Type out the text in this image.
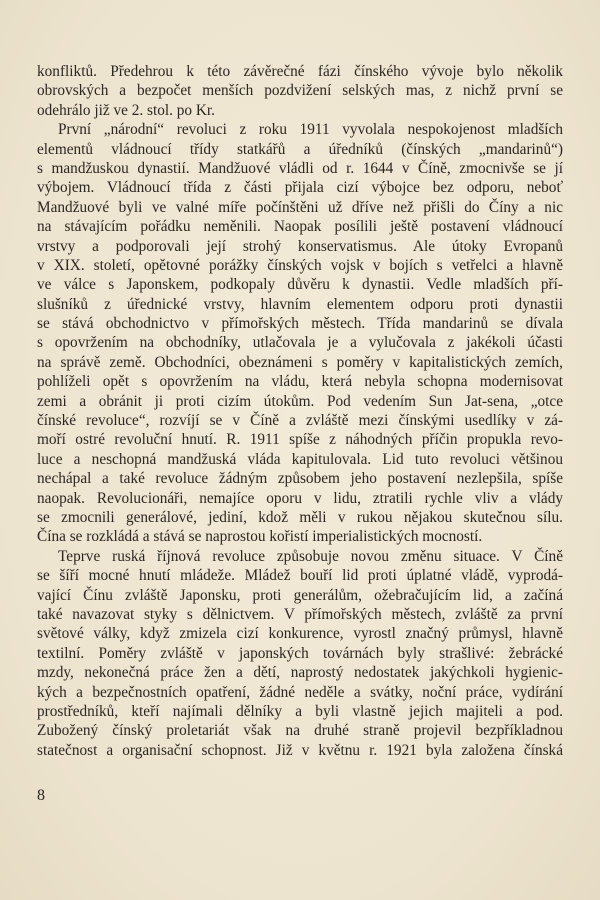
konfliktů. Předehrou k této závěrečné fázi čínského vývoje bylo několik
obrovských a bezpočet menších pozdvižení selských mas, z nichž první se
odehrálo již ve 2. stol. po Kr.
První „národní“ revoluci z roku 1911 vyvolala nespokojenost mladších
elementů vládnoucí třídy statkářů a úředníků (čínských „mandarinů“)
s mandžuskou dynastií. Mandžuové vládli od r. 1644 v Číně, zmocnivše se jí
výbojem. Vládnoucí třída z části přijala cizí výbojce bez odporu, neboť
Mandžuové byli ve valné míře počínštěni už dříve než přišli do Číny a nic
na stávajícím pořádku neměnili. Naopak posílili ještě postavení vládnoucí
vrstvy a podporovali její strohý konservatismus. Ale útoky Evropanů
v XIX. století, opětovné porážky čínských vojsk v bojích s vetřelci a hlavně
ve válce s Japonskem, podkopaly důvěru k dynastii. Vedle mladších pří-
slušníků z úřednické vrstvy, hlavním elementem odporu proti dynastii
se stává obchodnictvo v přímořských městech. Třída mandarinů se dívala
s opovržením na obchodníky, utlačovala je a vylučovala z jakékoli účasti
na správě země. Obchodníci, obeznámeni s poměry v kapitalistických zemích,
pohlíželi opět s opovržením na vládu, která nebyla schopna modernisovat
zemi a obránit ji proti cizím útokům. Pod vedením Sun Jat-sena, „otce
čínské revoluce“, rozvíjí se v Číně a zvláště mezi čínskými usedlíky v zá-
moří ostré revoluční hnutí. R. 1911 spíše z náhodných příčin propukla revo-
luce a neschopná mandžuská vláda kapitulovala. Lid tuto revoluci většinou
nechápal a také revoluce žádným způsobem jeho postavení nezlepšila, spíše
naopak. Revolucionáři, nemajíce oporu v lidu, ztratili rychle vliv a vlády
se zmocnili generálové, jediní, kdož měli v rukou nějakou skutečnou sílu.
Čína se rozkládá a stává se naprostou kořistí imperialistických mocností.
Teprve ruská říjnová revoluce způsobuje novou změnu situace. V Číně
se šíří mocné hnutí mládeže. Mládež bouří lid proti úplatné vládě, vyprodá-
vající Čínu zvláště Japonsku, proti generálům, ožebračujícím lid, a začíná
také navazovat styky s dělnictvem. V přímořských městech, zvláště za první
světové války, když zmizela cizí konkurence, vyrostl značný průmysl, hlavně
textilní. Poměry zvláště v japonských továrnách byly strašlivé: žebrácké
mzdy, nekonečná práce žen a dětí, naprostý nedostatek jakýchkoli hygienic-
kých a bezpečnostních opatření, žádné neděle a svátky, noční práce, vydírání
prostředníků, kteří najímali dělníky a byli vlastně jejich majiteli a pod.
Zubožený čínský proletariát však na druhé straně projevil bezpříkladnou
statečnost a organisační schopnost. Již v květnu r. 1921 byla založena čínská
8
